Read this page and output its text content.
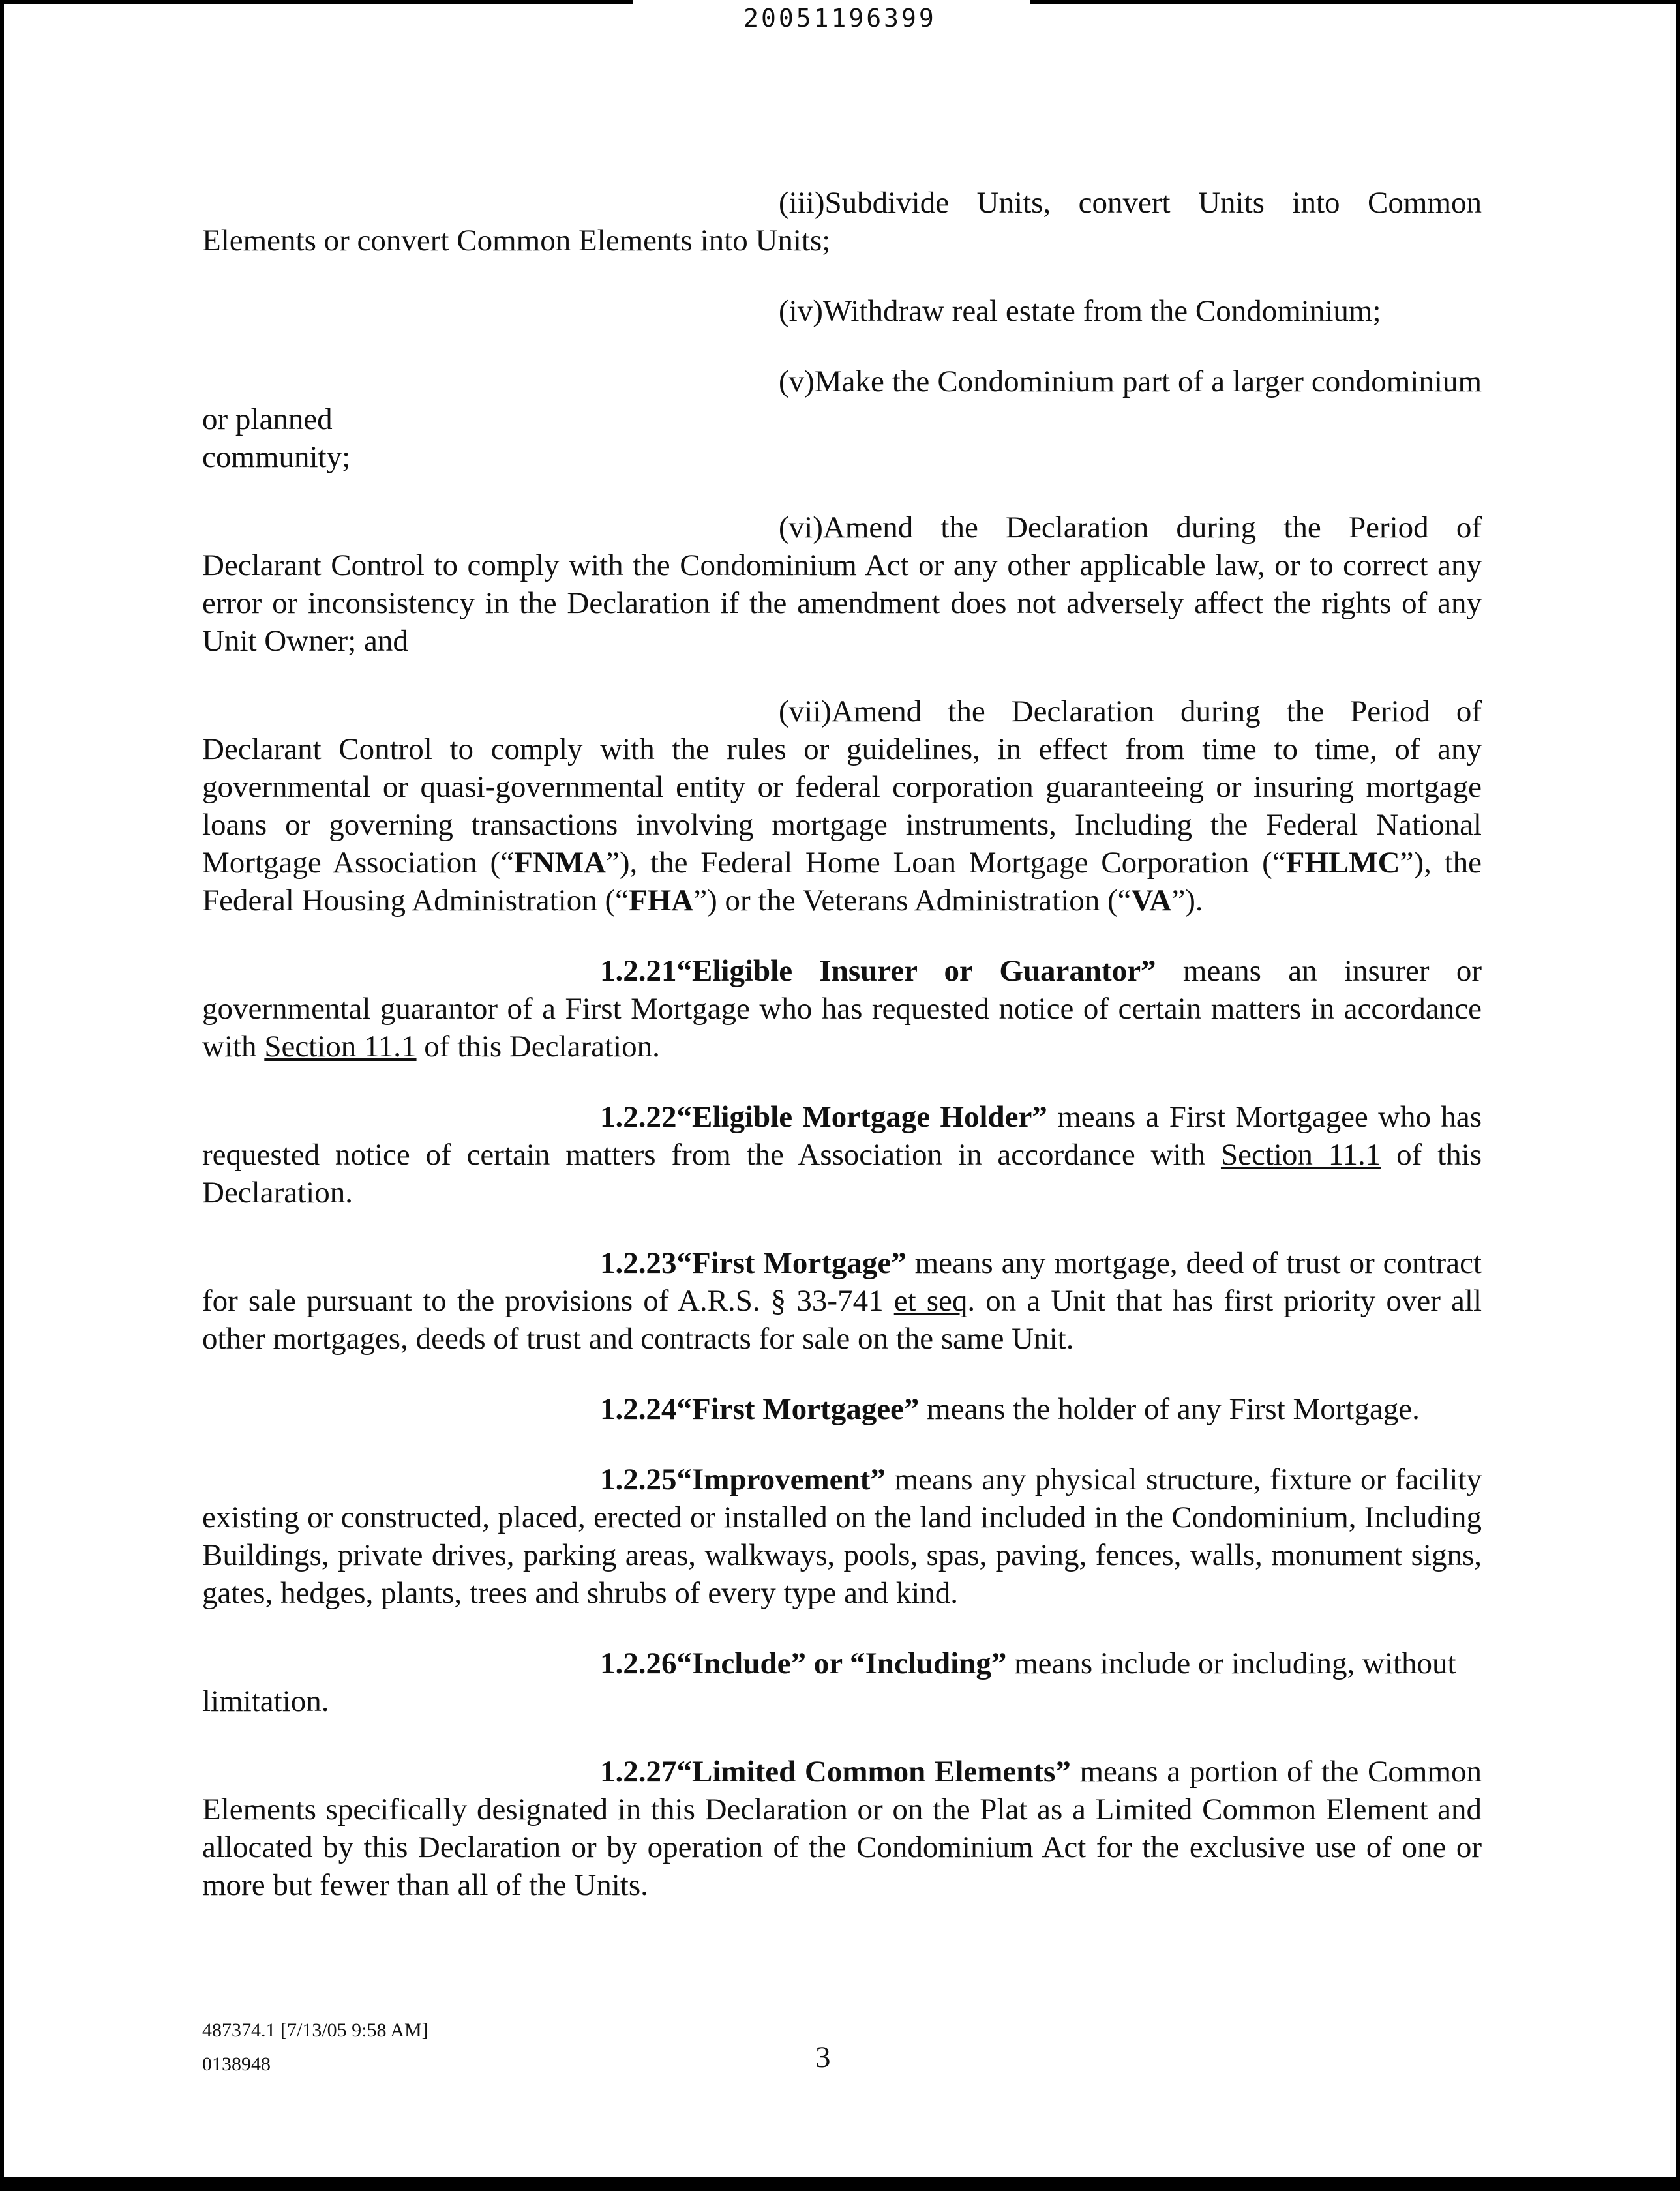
20051196399

(iii)Subdivide Units, convert Units into Common Elements or convert Common Elements into Units;

(iv)Withdraw real estate from the Condominium;

(v)Make the Condominium part of a larger condominium or planned
community;

(vi)Amend the Declaration during the Period of Declarant Control to comply with the Condominium Act or any other applicable law, or to correct any error or inconsistency in the Declaration if the amendment does not adversely affect the rights of any Unit Owner; and

(vii)Amend the Declaration during the Period of Declarant Control to comply with the rules or guidelines, in effect from time to time, of any governmental or quasi-governmental entity or federal corporation guaranteeing or insuring mortgage loans or governing transactions involving mortgage instruments, Including the Federal National Mortgage Association (“FNMA”), the Federal Home Loan Mortgage Corporation (“FHLMC”), the Federal Housing Administration (“FHA”) or the Veterans Administration (“VA”).

1.2.21“Eligible Insurer or Guarantor” means an insurer or governmental guarantor of a First Mortgage who has requested notice of certain matters in accordance with Section 11.1 of this Declaration.

1.2.22“Eligible Mortgage Holder” means a First Mortgagee who has requested notice of certain matters from the Association in accordance with Section 11.1 of this Declaration.

1.2.23“First Mortgage” means any mortgage, deed of trust or contract for sale pursuant to the provisions of A.R.S. § 33-741 et seq. on a Unit that has first priority over all other mortgages, deeds of trust and contracts for sale on the same Unit.

1.2.24“First Mortgagee” means the holder of any First Mortgage.

1.2.25“Improvement” means any physical structure, fixture or facility existing or constructed, placed, erected or installed on the land included in the Condominium, Including Buildings, private drives, parking areas, walkways, pools, spas, paving, fences, walls, monument signs, gates, hedges, plants, trees and shrubs of every type and kind.

1.2.26“Include” or “Including” means include or including, without
limitation.

1.2.27“Limited Common Elements” means a portion of the Common Elements specifically designated in this Declaration or on the Plat as a Limited Common Element and allocated by this Declaration or by operation of the Condominium Act for the exclusive use of one or more but fewer than all of the Units.

487374.1 [7/13/05 9:58 AM]
0138948	3
